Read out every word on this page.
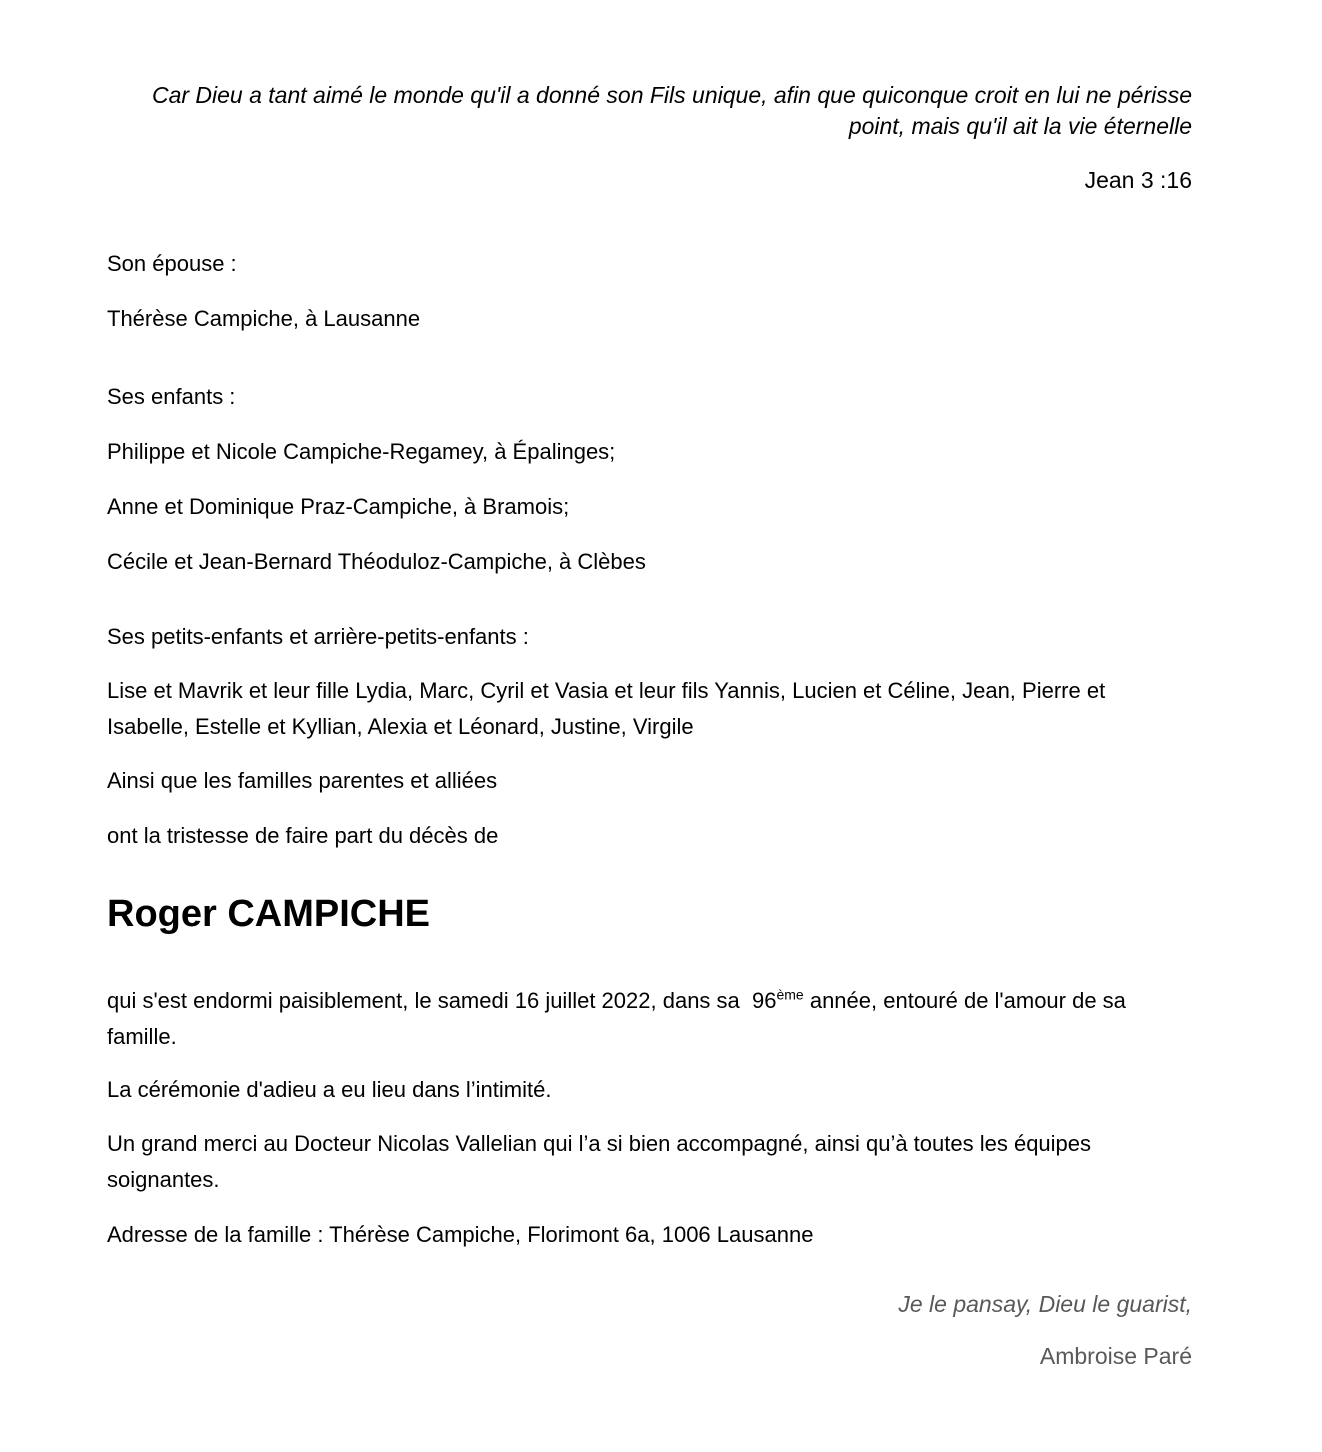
Car Dieu a tant aimé le monde qu'il a donné son Fils unique, afin que quiconque croit en lui ne périsse point, mais qu'il ait la vie éternelle

Jean 3 :16

Son épouse :

Thérèse Campiche, à Lausanne

Ses enfants :

Philippe et Nicole Campiche-Regamey, à Épalinges;

Anne et Dominique Praz-Campiche, à Bramois;

Cécile et Jean-Bernard Théoduloz-Campiche, à Clèbes

Ses petits-enfants et arrière-petits-enfants :

Lise et Mavrik et leur fille Lydia, Marc, Cyril et Vasia et leur fils Yannis, Lucien et Céline, Jean, Pierre et Isabelle, Estelle et Kyllian, Alexia et Léonard, Justine, Virgile

Ainsi que les familles parentes et alliées

ont la tristesse de faire part du décès de

Roger CAMPICHE

qui s'est endormi paisiblement, le samedi 16 juillet 2022, dans sa  96ème année, entouré de l'amour de sa famille.

La cérémonie d'adieu a eu lieu dans l’intimité.

Un grand merci au Docteur Nicolas Vallelian qui l’a si bien accompagné, ainsi qu’à toutes les équipes soignantes.

Adresse de la famille : Thérèse Campiche, Florimont 6a, 1006 Lausanne

Je le pansay, Dieu le guarist,

Ambroise Paré
